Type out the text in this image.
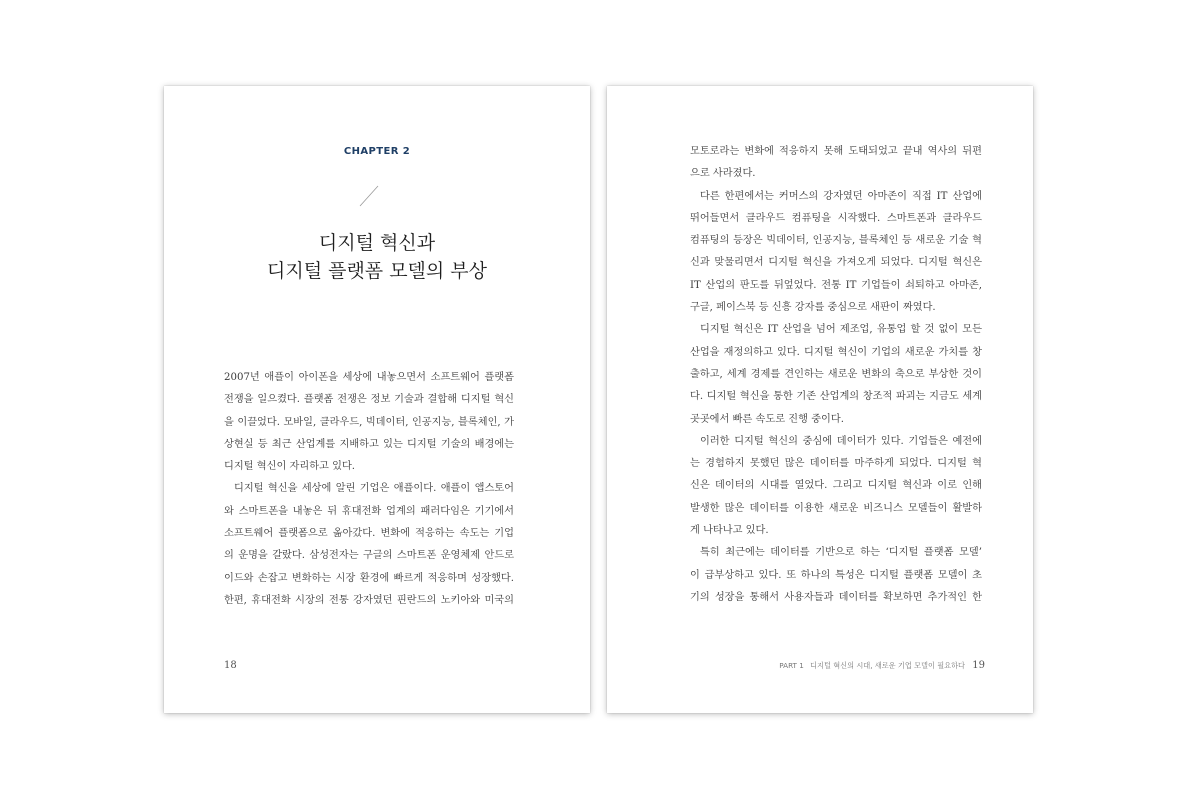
CHAPTER 2
디지털 혁신과
디지털 플랫폼 모델의 부상
2007년 애플이 아이폰을 세상에 내놓으면서 소프트웨어 플랫폼
전쟁을 일으켰다. 플랫폼 전쟁은 정보 기술과 결합해 디지털 혁신
을 이끌었다. 모바일, 클라우드, 빅데이터, 인공지능, 블록체인, 가
상현실 등 최근 산업계를 지배하고 있는 디지털 기술의 배경에는
디지털 혁신이 자리하고 있다.
디지털 혁신을 세상에 알린 기업은 애플이다. 애플이 앱스토어
와 스마트폰을 내놓은 뒤 휴대전화 업계의 패러다임은 기기에서
소프트웨어 플랫폼으로 옮아갔다. 변화에 적응하는 속도는 기업
의 운명을 갈랐다. 삼성전자는 구글의 스마트폰 운영체제 안드로
이드와 손잡고 변화하는 시장 환경에 빠르게 적응하며 성장했다.
한편, 휴대전화 시장의 전통 강자였던 핀란드의 노키아와 미국의
18
모토로라는 변화에 적응하지 못해 도태되었고 끝내 역사의 뒤편
으로 사라졌다.
다른 한편에서는 커머스의 강자였던 아마존이 직접 IT 산업에
뛰어들면서 클라우드 컴퓨팅을 시작했다. 스마트폰과 클라우드
컴퓨팅의 등장은 빅데이터, 인공지능, 블록체인 등 새로운 기술 혁
신과 맞물리면서 디지털 혁신을 가져오게 되었다. 디지털 혁신은
IT 산업의 판도를 뒤엎었다. 전통 IT 기업들이 쇠퇴하고 아마존,
구글, 페이스북 등 신흥 강자를 중심으로 새판이 짜였다.
디지털 혁신은 IT 산업을 넘어 제조업, 유통업 할 것 없이 모든
산업을 재정의하고 있다. 디지털 혁신이 기업의 새로운 가치를 창
출하고, 세계 경제를 견인하는 새로운 변화의 축으로 부상한 것이
다. 디지털 혁신을 통한 기존 산업계의 창조적 파괴는 지금도 세계
곳곳에서 빠른 속도로 진행 중이다.
이러한 디지털 혁신의 중심에 데이터가 있다. 기업들은 예전에
는 경험하지 못했던 많은 데이터를 마주하게 되었다. 디지털 혁
신은 데이터의 시대를 열었다. 그리고 디지털 혁신과 이로 인해
발생한 많은 데이터를 이용한 새로운 비즈니스 모델들이 활발하
게 나타나고 있다.
특히 최근에는 데이터를 기반으로 하는 ‘디지털 플랫폼 모델’
이 급부상하고 있다. 또 하나의 특성은 디지털 플랫폼 모델이 초
기의 성장을 통해서 사용자들과 데이터를 확보하면 추가적인 한
PART 1 디지털 혁신의 시대, 새로운 기업 모델이 필요하다 19
